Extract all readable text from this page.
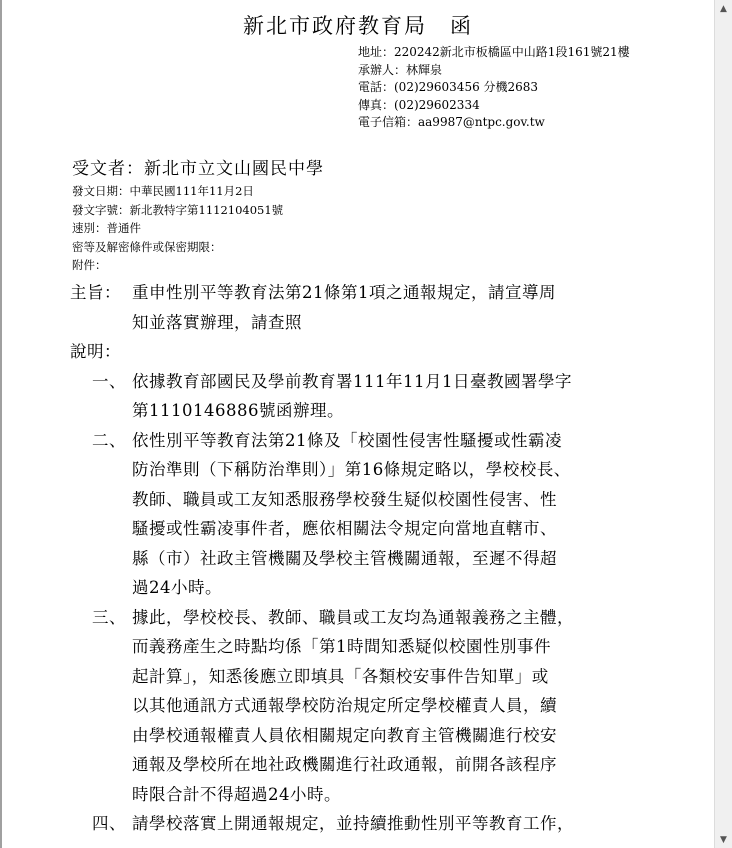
新北市政府教育局　函
地址：220242新北市板橋區中山路1段161號21樓
承辦人：林輝泉
電話：(02)29603456 分機2683
傳真：(02)29602334
電子信箱：aa9987@ntpc.gov.tw
受文者：新北市立文山國民中學
發文日期：中華民國111年11月2日
發文字號：新北教特字第1112104051號
速別：普通件
密等及解密條件或保密期限：
附件：
主旨： 重申性別平等教育法第21條第1項之通報規定，請宣導周
知並落實辦理，請查照
說明：
一、 依據教育部國民及學前教育署111年11月1日臺教國署學字
第1110146886號函辦理。
二、 依性別平等教育法第21條及「校園性侵害性騷擾或性霸凌
防治準則（下稱防治準則）」第16條規定略以，學校校長、
教師、職員或工友知悉服務學校發生疑似校園性侵害、性
騷擾或性霸凌事件者，應依相關法令規定向當地直轄市、
縣（市）社政主管機關及學校主管機關通報，至遲不得超
過24小時。
三、 據此，學校校長、教師、職員或工友均為通報義務之主體，
而義務產生之時點均係「第1時間知悉疑似校園性別事件
起計算」，知悉後應立即填具「各類校安事件告知單」或
以其他通訊方式通報學校防治規定所定學校權責人員，續
由學校通報權責人員依相關規定向教育主管機關進行校安
通報及學校所在地社政機關進行社政通報，前開各該程序
時限合計不得超過24小時。
四、 請學校落實上開通報規定，並持續推動性別平等教育工作，
▲
▼
